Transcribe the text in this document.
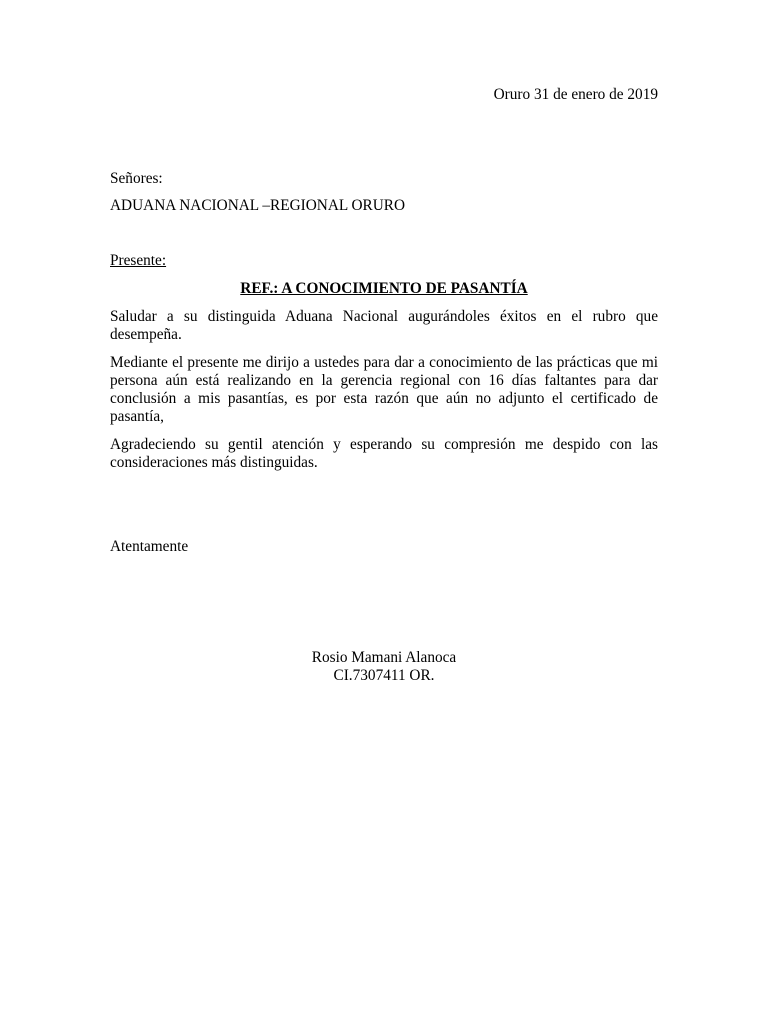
Oruro 31 de enero de 2019

Señores:

ADUANA NACIONAL –REGIONAL ORURO

Presente:

REF.: A CONOCIMIENTO DE PASANTÍA

Saludar a su distinguida Aduana Nacional augurándoles éxitos en el rubro que desempeña.

Mediante el presente me dirijo a ustedes para dar a conocimiento de las prácticas que mi persona aún está realizando en la gerencia regional con 16 días faltantes para dar conclusión a mis pasantías, es por esta razón que aún no adjunto el certificado de pasantía,

Agradeciendo su gentil atención y esperando su compresión me despido con las consideraciones más distinguidas.

Atentamente

Rosio Mamani Alanoca
CI.7307411 OR.
